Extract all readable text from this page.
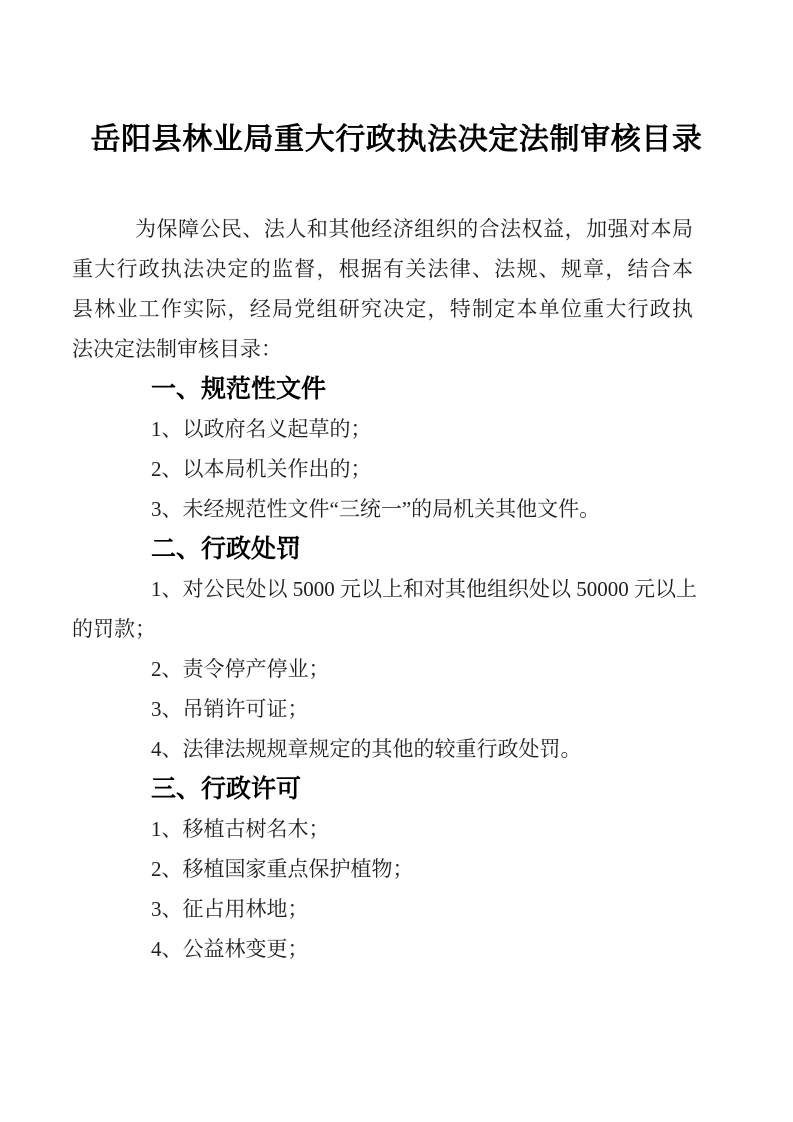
岳阳县林业局重大行政执法决定法制审核目录
为保障公民、法人和其他经济组织的合法权益，加强对本局
重大行政执法决定的监督，根据有关法律、法规、规章，结合本
县林业工作实际，经局党组研究决定，特制定本单位重大行政执
法决定法制审核目录：
一、规范性文件
1、以政府名义起草的；
2、以本局机关作出的；
3、未经规范性文件“三统一”的局机关其他文件。
二、行政处罚
1、对公民处以 5000 元以上和对其他组织处以 50000 元以上
的罚款；
2、责令停产停业；
3、吊销许可证；
4、法律法规规章规定的其他的较重行政处罚。
三、行政许可
1、移植古树名木；
2、移植国家重点保护植物；
3、征占用林地；
4、公益林变更；
